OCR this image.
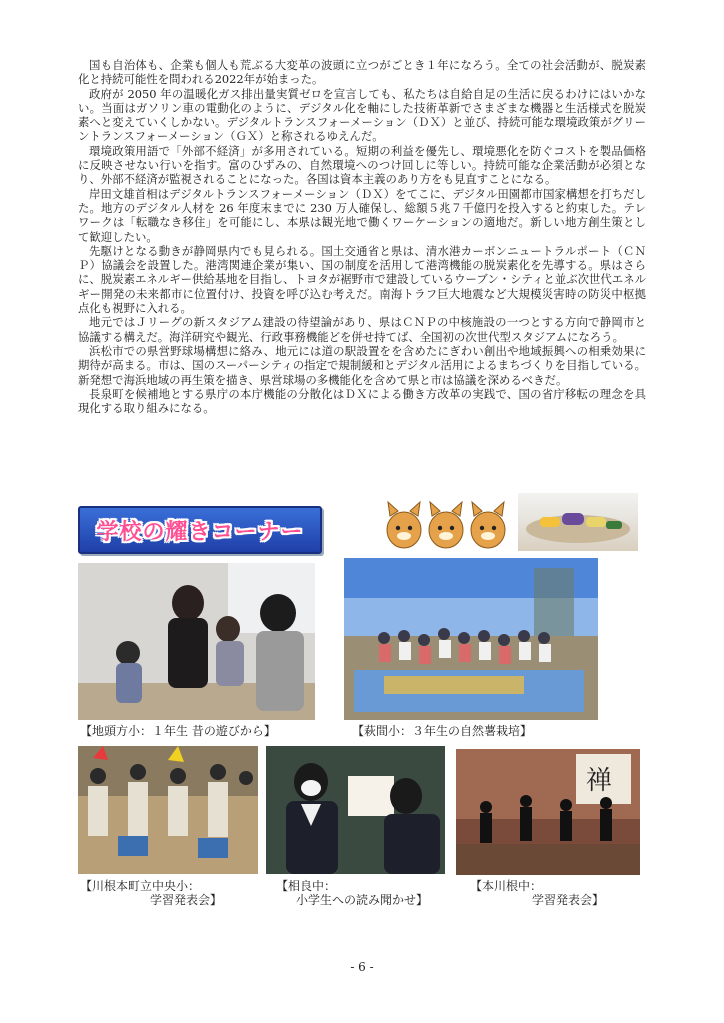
国も自治体も、企業も個人も荒ぶる大変革の波頭に立つがごとき１年になろう。全ての社会活動が、脱炭素化と持続可能性を問われる2022年が始まった。

政府が 2050 年の温暖化ガス排出量実質ゼロを宣言しても、私たちは自給自足の生活に戻るわけにはいかない。当面はガソリン車の電動化のように、デジタル化を軸にした技術革新でさまざまな機器と生活様式を脱炭素へと変えていくしかない。デジタルトランスフォーメーション（ＤＸ）と並び、持続可能な環境政策がグリーントランスフォーメーション（ＧＸ）と称されるゆえんだ。

環境政策用語で「外部不経済」が多用されている。短期の利益を優先し、環境悪化を防ぐコストを製品価格に反映させない行いを指す。富のひずみの、自然環境へのつけ回しに等しい。持続可能な企業活動が必須となり、外部不経済が監視されることになった。各国は資本主義のあり方をも見直すことになる。

岸田文雄首相はデジタルトランスフォーメーション（ＤＸ）をてこに、デジタル田園都市国家構想を打ちだした。地方のデジタル人材を 26 年度末までに 230 万人確保し、総額５兆７千億円を投入すると約束した。テレワークは「転職なき移住」を可能にし、本県は観光地で働くワーケーションの適地だ。新しい地方創生策として歓迎したい。

先駆けとなる動きが静岡県内でも見られる。国土交通省と県は、清水港カーボンニュートラルポート（ＣＮＰ）協議会を設置した。港湾関連企業が集い、国の制度を活用して港湾機能の脱炭素化を先導する。県はさらに、脱炭素エネルギー供給基地を目指し、トヨタが裾野市で建設しているウーブン・シティと並ぶ次世代エネルギー開発の未来都市に位置付け、投資を呼び込む考えだ。南海トラフ巨大地震など大規模災害時の防災中枢拠点化も視野に入れる。

地元ではＪリーグの新スタジアム建設の待望論があり、県はＣＮＰの中核施設の一つとする方向で静岡市と協議する構えだ。海洋研究や観光、行政事務機能どを併せ持てば、全国初の次世代型スタジアムになろう。

浜松市での県営野球場構想に絡み、地元には道の駅設置をを含めたにぎわい創出や地域振興への相乗効果に期待が高まる。市は、国のスーパーシティの指定で規制緩和とデジタル活用によるまちづくりを目指している。新発想で海浜地域の再生策を描き、県営球場の多機能化を含めて県と市は協議を深めるべきだ。

長泉町を候補地とする県庁の本庁機能の分散化はＤＸによる働き方改革の実践で、国の省庁移転の理念を具現化する取り組みになる。

学校の耀きコーナー
【地頭方小：１年生 昔の遊びから】	【萩間小：３年生の自然薯栽培】
【川根本町立中央小：
学習発表会】
【相良中：
小学生への読み聞かせ】
禅
【本川根中：
学習発表会】
- 6 -
